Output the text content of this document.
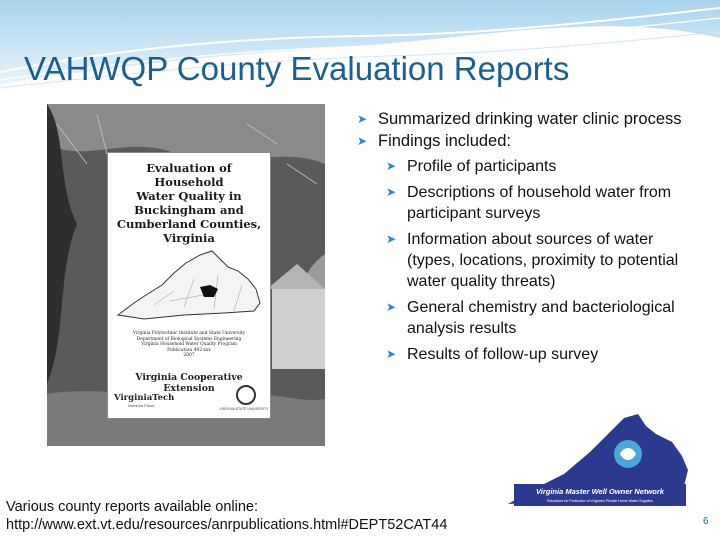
VAHWQP County Evaluation Reports
Evaluation of Household
Water Quality in
Buckingham and
Cumberland Counties,
Virginia
Virginia Polytechnic Institute and State University
Department of Biological Systems Engineering
Virginia Household Water Quality Program
Publication 442-xxx
2007
Virginia Cooperative Extension
VirginiaTech
Invent the Future
VIRGINIA STATE UNIVERSITY
➤ Summarized drinking water clinic process
➤ Findings included:
➤ Profile of participants
➤ Descriptions of household water from participant surveys
➤ Information about sources of water (types, locations, proximity to potential water quality threats)
➤ General chemistry and bacteriological analysis results
➤ Results of follow-up survey
Various county reports available online:
http://www.ext.vt.edu/resources/anrpublications.html#DEPT52CAT44
Virginia Master Well Owner Network
Educators for Protection of Virginia's Private Home Water Supplies
6
